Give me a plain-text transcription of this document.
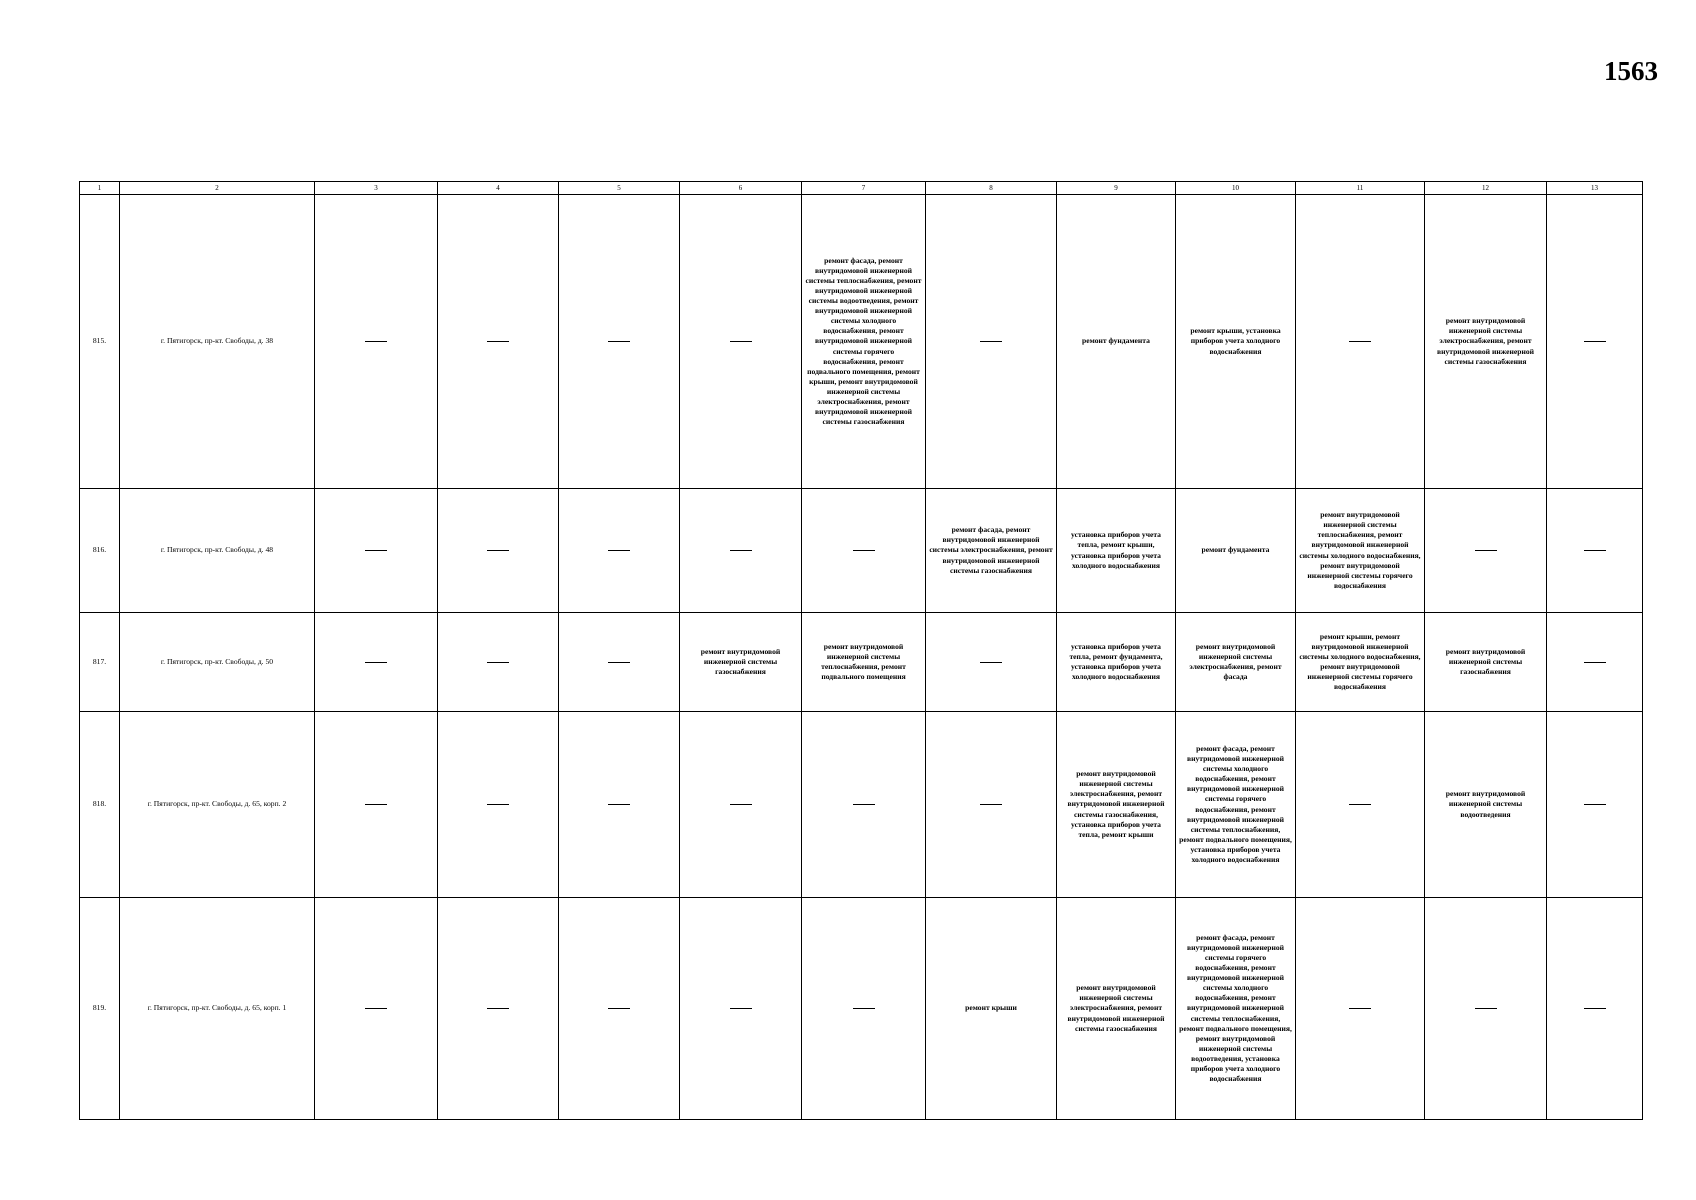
1563
1	2	3	4	5	6	7	8	9	10	11	12	13
815.	г. Пятигорск, пр-кт. Свободы, д. 38					ремонт фасада, ремонт внутридомовой инженерной системы теплоснабжения, ремонт внутридомовой инженерной системы водоотведения, ремонт внутридомовой инженерной системы холодного водоснабжения, ремонт внутридомовой инженерной системы горячего водоснабжения, ремонт подвального помещения, ремонт крыши, ремонт внутридомовой инженерной системы электроснабжения, ремонт внутридомовой инженерной системы газоснабжения		ремонт фундамента	ремонт крыши, установка приборов учета холодного водоснабжения		ремонт внутридомовой инженерной системы электроснабжения, ремонт внутридомовой инженерной системы газоснабжения	
816.	г. Пятигорск, пр-кт. Свободы, д. 48						ремонт фасада, ремонт внутридомовой инженерной системы электроснабжения, ремонт внутридомовой инженерной системы газоснабжения	установка приборов учета тепла, ремонт крыши, установка приборов учета холодного водоснабжения	ремонт фундамента	ремонт внутридомовой инженерной системы теплоснабжения, ремонт внутридомовой инженерной системы холодного водоснабжения, ремонт внутридомовой инженерной системы горячего водоснабжения		
817.	г. Пятигорск, пр-кт. Свободы, д. 50				ремонт внутридомовой инженерной системы газоснабжения	ремонт внутридомовой инженерной системы теплоснабжения, ремонт подвального помещения		установка приборов учета тепла, ремонт фундамента, установка приборов учета холодного водоснабжения	ремонт внутридомовой инженерной системы электроснабжения, ремонт фасада	ремонт крыши, ремонт внутридомовой инженерной системы холодного водоснабжения, ремонт внутридомовой инженерной системы горячего водоснабжения	ремонт внутридомовой инженерной системы газоснабжения	
818.	г. Пятигорск, пр-кт. Свободы, д. 65, корп. 2							ремонт внутридомовой инженерной системы электроснабжения, ремонт внутридомовой инженерной системы газоснабжения, установка приборов учета тепла, ремонт крыши	ремонт фасада, ремонт внутридомовой инженерной системы холодного водоснабжения, ремонт внутридомовой инженерной системы горячего водоснабжения, ремонт внутридомовой инженерной системы теплоснабжения, ремонт подвального помещения, установка приборов учета холодного водоснабжения		ремонт внутридомовой инженерной системы водоотведения	
819.	г. Пятигорск, пр-кт. Свободы, д. 65, корп. 1						ремонт крыши	ремонт внутридомовой инженерной системы электроснабжения, ремонт внутридомовой инженерной системы газоснабжения	ремонт фасада, ремонт внутридомовой инженерной системы горячего водоснабжения, ремонт внутридомовой инженерной системы холодного водоснабжения, ремонт внутридомовой инженерной системы теплоснабжения, ремонт подвального помещения, ремонт внутридомовой инженерной системы водоотведения, установка приборов учета холодного водоснабжения			
